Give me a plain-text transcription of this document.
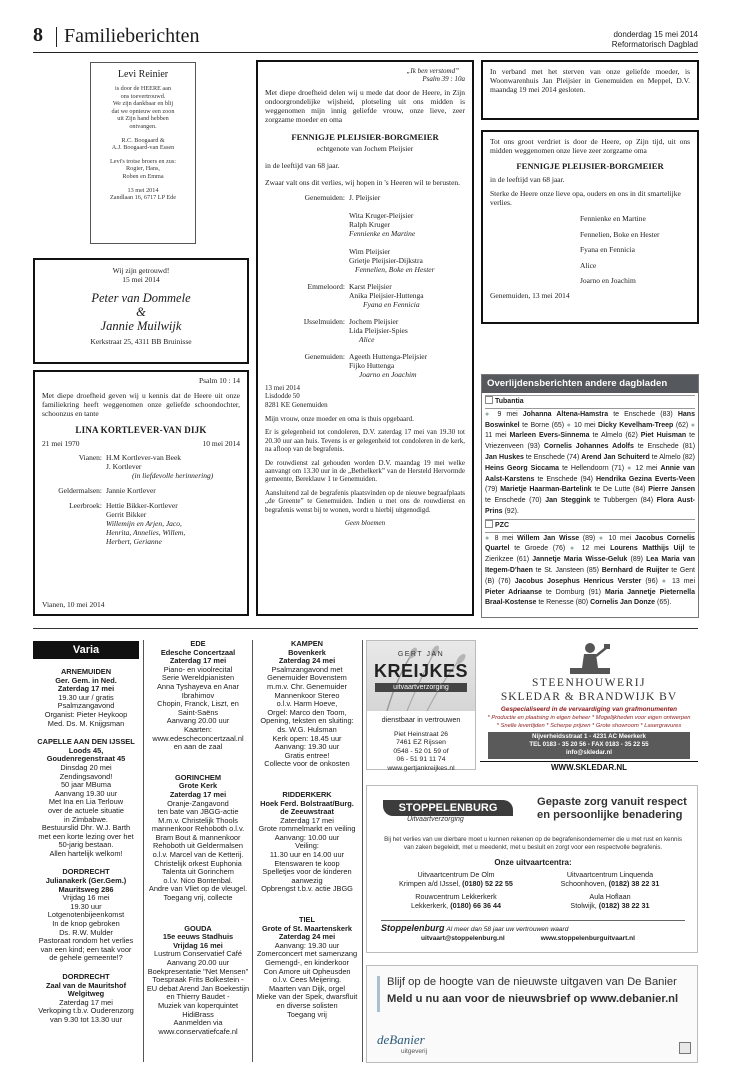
8 Familieberichten	donderdag 15 mei 2014
Reformatorisch Dagblad
Levi Reinier
is door de HEERE aan
ons toevertrouwd.
We zijn dankbaar en blij
dat we opnieuw een zoon
uit Zijn hand hebben
ontvangen.
R.C. Boogaard &
A.J. Boogaard-van Essen
Levi's trotse broers en zus:
Rogier, Hans,
Roben en Emma
13 mei 2014
Zandlaan 16, 6717 LP Ede
Wij zijn getrouwd!
15 mei 2014
Peter van Dommele
&
Jannie Muilwijk
Kerkstraat 25, 4311 BB Bruinisse
Psalm 10 : 14
Met diepe droefheid geven wij u kennis dat de Heere uit onze familiekring heeft weggenomen onze geliefde schoondochter, schoonzus en tante
LINA KORTLEVER-VAN DIJK
21 mei 1970	10 mei 2014
Vianen: H.M Kortlever-van Beek
J. Kortlever
(in liefdevolle herinnering)
Geldermalsen: Jannie Kortlever
Leerbroek: Hettie Bikker-Kortlever
Gerrit Bikker
Willemijn en Arjen, Jaco,
Henrita, Annelies, Willem,
Herbert, Gerianne
Vianen, 10 mei 2014
„Ik ben verstomd”
Psalm 39 : 10a
Met diepe droefheid delen wij u mede dat door de Heere, in Zijn ondoorgrondelijke wijsheid, plotseling uit ons midden is weggenomen mijn innig geliefde vrouw, onze lieve, zeer zorgzame moeder en oma
FENNIGJE PLEIJSIER-BORGMEIER
echtgenote van Jochem Pleijsier
in de leeftijd van 68 jaar.
Zwaar valt ons dit verlies, wij hopen in 's Heeren wil te berusten.
Genemuiden: J. Pleijsier
Wita Kruger-Pleijsier
Ralph Kruger
Fennienke en Martine
Wim Pleijsier
Grietje Pleijsier-Dijkstra
Fennelien, Boke en Hester
Emmeloord: Karst Pleijsier
Anika Pleijsier-Huttenga
Fyana en Fennicia
IJsselmuiden: Jochem Pleijsier
Lida Pleijsier-Spies
Alice
Genemuiden: Ageeth Huttenga-Pleijsier
Fijko Huttenga
Joarno en Joachim
13 mei 2014
Lisdodde 50
8281 KE Genemuiden
Mijn vrouw, onze moeder en oma is thuis opgebaard.
Er is gelegenheid tot condoleren, D.V. zaterdag 17 mei van 19.30 tot 20.30 uur aan huis. Tevens is er gelegenheid tot condoleren in de kerk, na afloop van de begrafenis.
De rouwdienst zal gehouden worden D.V. maandag 19 mei welke aanvangt om 13.30 uur in de „Bethelkerk” van de Hersteld Hervormde gemeente, Bereklauw 1 te Genemuiden.
Aansluitend zal de begrafenis plaatsvinden op de nieuwe begraafplaats „de Greente” te Genemuiden. Indien u met ons de rouwdienst en begrafenis wenst bij te wonen, wordt u hierbij uitgenodigd.
Geen bloemen
In verband met het sterven van onze geliefde moeder, is Woonwarenhuis Jan Pleijsier in Genemuiden en Meppel, D.V. maandag 19 mei 2014 gesloten.
Tot ons groot verdriet is door de Heere, op Zijn tijd, uit ons midden weggenomen onze lieve zeer zorgzame oma
FENNIGJE PLEIJSIER-BORGMEIER
in de leeftijd van 68 jaar.
Sterke de Heere onze lieve opa, ouders en ons in dit smartelijke verlies.
Fennienke en Martine
Fennelien, Boke en Hester
Fyana en Fennicia
Alice
Joarno en Joachim
Genemuiden, 13 mei 2014
Overlijdensberichten andere dagbladen
Tubantia
● 9 mei Johanna Altena-Hamstra te Enschede (83) Hans Boswinkel te Borne (65) ● 10 mei Dicky Kevelham-Treep (62) ● 11 mei Marleen Evers-Sinnema te Almelo (62) Piet Huisman te Vriezenveen (93) Cornelis Johannes Adolfs te Enschede (81) Jan Huskes te Enschede (74) Arend Jan Schuiterd te Almelo (82) Heins Georg Siccama te Hellendoorn (71) ● 12 mei Annie van Aalst-Karstens te Enschede (94) Hendrika Gezina Everts-Veen (79) Marietje Haarman-Bartelink te De Lutte (84) Pierre Jansen te Enschede (70) Jan Steggink te Tubbergen (84) Flora Aust-Prins (92).
PZC
● 8 mei Willem Jan Wisse (89) ● 10 mei Jacobus Cornelis Quartel te Groede (76) ● 12 mei Lourens Matthijs Uijl te Zierikzee (61) Jannetje Maria Wisse-Geluk (89) Lea Maria van Itegem-D'haen te St. Jansteen (85) Bernhard de Ruijter te Gent (B) (76) Jacobus Josephus Henricus Verster (96) ● 13 mei Pieter Adriaanse te Domburg (91) Maria Jannetje Pieternella Braal-Kostense te Renesse (80) Cornelis Jan Donze (65).
Varia
ARNEMUIDEN
Ger. Gem. in Ned.
Zaterdag 17 mei
19.30 uur / gratis
Psalmzangavond
Organist: Pieter Heykoop
Med. Ds. M. Knijgsman
CAPELLE AAN DEN IJSSEL
Loods 45,
Goudenregenstraat 45
Dinsdag 20 mei
Zendingsavond!
50 jaar MBuma
Aanvang 19.30 uur
Met Ina en Lia Terlouw
over de actuele situatie
in Zimbabwe.
Bestuurslid Dhr. W.J. Barth
met een korte lezing over het
50-jarig bestaan.
Allen hartelijk welkom!
DORDRECHT
Julianakerk (Ger.Gem.)
Mauritsweg 286
Vrijdag 16 mei
19.30 uur
Lotgenotenbijeenkomst
In de knop gebroken
Ds. R.W. Mulder
Pastoraat rondom het verlies
van een kind; een taak voor
de gehele gemeente!?
DORDRECHT
Zaal van de Mauritshof
Welgitweg
Zaterdag 17 mei
Verkoping t.b.v. Ouderenzorg
van 9.30 tot 13.30 uur
EDE
Edesche Concertzaal
Zaterdag 17 mei
Piano- en vioolrecital
Serie Wereldpianisten
Anna Tyshayeva en Anar
Ibrahimov
Chopin, Franck, Liszt, en
Saint-Saëns
Aanvang 20.00 uur
Kaarten:
www.edescheconcertzaal.nl
en aan de zaal
GORINCHEM
Grote Kerk
Zaterdag 17 mei
Oranje-Zangavond
ten bate van JBGG-actie
M.m.v. Christelijk Thools
mannenkoor Rehoboth o.l.v.
Bram Bout & mannenkoor
Rehoboth uit Geldermalsen
o.l.v. Marcel van de Ketterij.
Christelijk orkest Euphonia
Talenta uit Gorinchem
o.l.v. Nico Bontenbal.
Andre van Vliet op de vleugel.
Toegang vrij, collecte
GOUDA
15e eeuws Stadhuis
Vrijdag 16 mei
Lustrum Conservatief Café
Aanvang 20.00 uur
Boekpresentatie "Net Mensen"
Toespraak Frits Bolkestein -
EU debat Arend Jan Boekestijn
en Thierry Baudet -
Muziek van koperquintet
HidiBrass
Aanmelden via
www.conservatiefcafe.nl
KAMPEN
Bovenkerk
Zaterdag 24 mei
Psalmzangavond met
Genemuider Bovenstem
m.m.v. Chr. Genemuider
Mannenkoor Stereo
o.l.v. Harm Hoeve,
Orgel: Marco den Toom,
Opening, teksten en sluiting:
ds. W.G. Hulsman
Kerk open: 18.45 uur
Aanvang: 19.30 uur
Gratis entree!
Collecte voor de onkosten
RIDDERKERK
Hoek Ferd. Bolstraat/Burg.
de Zeeuwstraat
Zaterdag 17 mei
Grote rommelmarkt en veiling
Aanvang: 10.00 uur
Veiling:
11.30 uur en 14.00 uur
Etenswaren te koop
Spelletjes voor de kinderen
aanwezig
Opbrengst t.b.v. actie JBGG
TIEL
Grote of St. Maartenskerk
Zaterdag 24 mei
Aanvang: 19.30 uur
Zomerconcert met samenzang
Gemengd-, en kinderkoor
Con Amore uit Opheusden
o.l.v. Cees Meijering.
Maarten van Dijk, orgel
Mieke van der Spek, dwarsfluit
en diverse solisten
Toegang vrij
GERT JAN
KREIJKES
uitvaartverzorging
dienstbaar in vertrouwen
Piet Heinstraat 26
7461 EZ Rijssen
0548 - 52 01 59 of
06 - 51 91 11 74
www.gertjankreijkes.nl
STEENHOUWERIJ
SKLEDAR & BRANDWIJK BV
Gespecialiseerd in de vervaardiging van grafmonumenten
* Productie en plaatsing in eigen beheer * Mogelijkheden voor eigen ontwerpen
* Snelle levertijden * Scherpe prijzen * Grote showroom * Lasergravures
Nijverheidsstraat 1 - 4231 AC Meerkerk
TEL 0183 - 35 20 56 - FAX 0183 - 35 22 55
info@skledar.nl
WWW.SKLEDAR.NL
STOPPELENBURG
Uitvaartverzorging
Gepaste zorg vanuit respect
en persoonlijke benadering
Bij het verlies van uw dierbare moet u kunnen rekenen op de begrafenisondernemer die u met rust en kennis van zaken begeleidt, met u meedenkt, met u besluit en zorgt voor een respectvolle begrafenis.
Onze uitvaartcentra:
Uitvaartcentrum De Olm
Krimpen a/d IJssel, (0180) 52 22 55
Uitvaartcentrum Linquenda
Schoonhoven, (0182) 38 22 31
Rouwcentrum Lekkerkerk
Lekkerkerk, (0180) 66 36 44
Aula Hoflaan
Stolwijk, (0182) 38 22 31
Stoppelenburg Al meer dan 58 jaar uw vertrouwen waard
uitvaart@stoppelenburg.nl	www.stoppelenburguitvaart.nl
Blijf op de hoogte van de nieuwste uitgaven van De Banier
Meld u nu aan voor de nieuwsbrief op www.debanier.nl
deBanier
uitgeverij
